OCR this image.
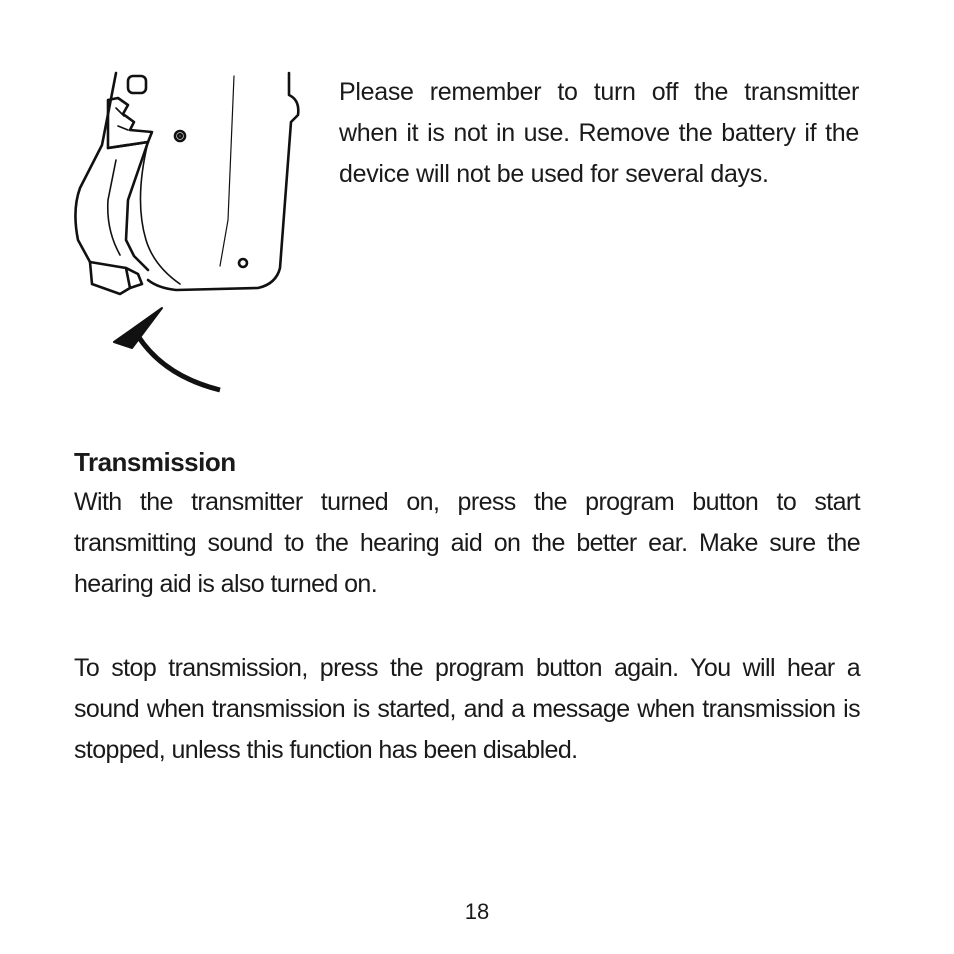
Please remember to turn off the transmitter when it is not in use. Remove the battery if the device will not be used for several days.

Transmission

With the transmitter turned on, press the program button to start transmitting sound to the hearing aid on the better ear. Make sure the hearing aid is also turned on.

To stop transmission, press the program button again. You will hear a sound when transmission is started, and a message when transmission is stopped, unless this function has been disabled.

18
